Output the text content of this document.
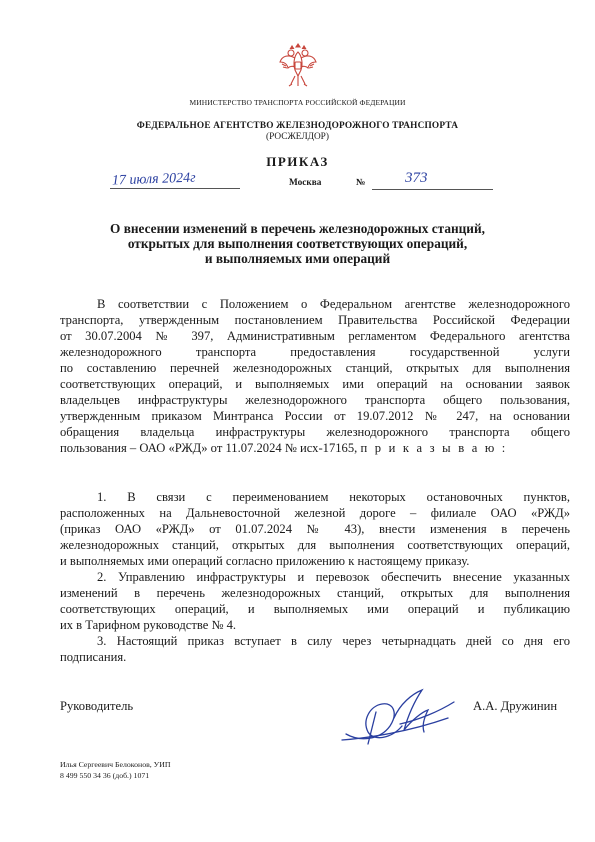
МИНИСТЕРСТВО ТРАНСПОРТА РОССИЙСКОЙ ФЕДЕРАЦИИ
ФЕДЕРАЛЬНОЕ АГЕНТСТВО ЖЕЛЕЗНОДОРОЖНОГО ТРАНСПОРТА
(РОСЖЕЛДОР)
ПРИКАЗ
17 июля 2024г	Москва	№	373
О внесении изменений в перечень железнодорожных станций,
открытых для выполнения соответствующих операций,
и выполняемых ими операций
В соответствии с Положением о Федеральном агентстве железнодорожного
транспорта, утвержденным постановлением Правительства Российской Федерации
от 30.07.2004 № 397, Административным регламентом Федерального агентства
железнодорожного транспорта предоставления государственной услуги
по составлению перечней железнодорожных станций, открытых для выполнения
соответствующих операций, и выполняемых ими операций на основании заявок
владельцев инфраструктуры железнодорожного транспорта общего пользования,
утвержденным приказом Минтранса России от 19.07.2012 № 247, на основании
обращения владельца инфраструктуры железнодорожного транспорта общего
пользования – ОАО «РЖД» от 11.07.2024 № исх-17165, п р и к а з ы в а ю :
1. В связи с переименованием некоторых остановочных пунктов,
расположенных на Дальневосточной железной дороге – филиале ОАО «РЖД»
(приказ ОАО «РЖД» от 01.07.2024 № 43), внести изменения в перечень
железнодорожных станций, открытых для выполнения соответствующих операций,
и выполняемых ими операций согласно приложению к настоящему приказу.
2. Управлению инфраструктуры и перевозок обеспечить внесение указанных
изменений в перечень железнодорожных станций, открытых для выполнения
соответствующих операций, и выполняемых ими операций и публикацию
их в Тарифном руководстве № 4.
3. Настоящий приказ вступает в силу через четырнадцать дней со дня его
подписания.
Руководитель	А.А. Дружинин
Илья Сергеевич Белоконов, УИП
8 499 550 34 36 (доб.) 1071
